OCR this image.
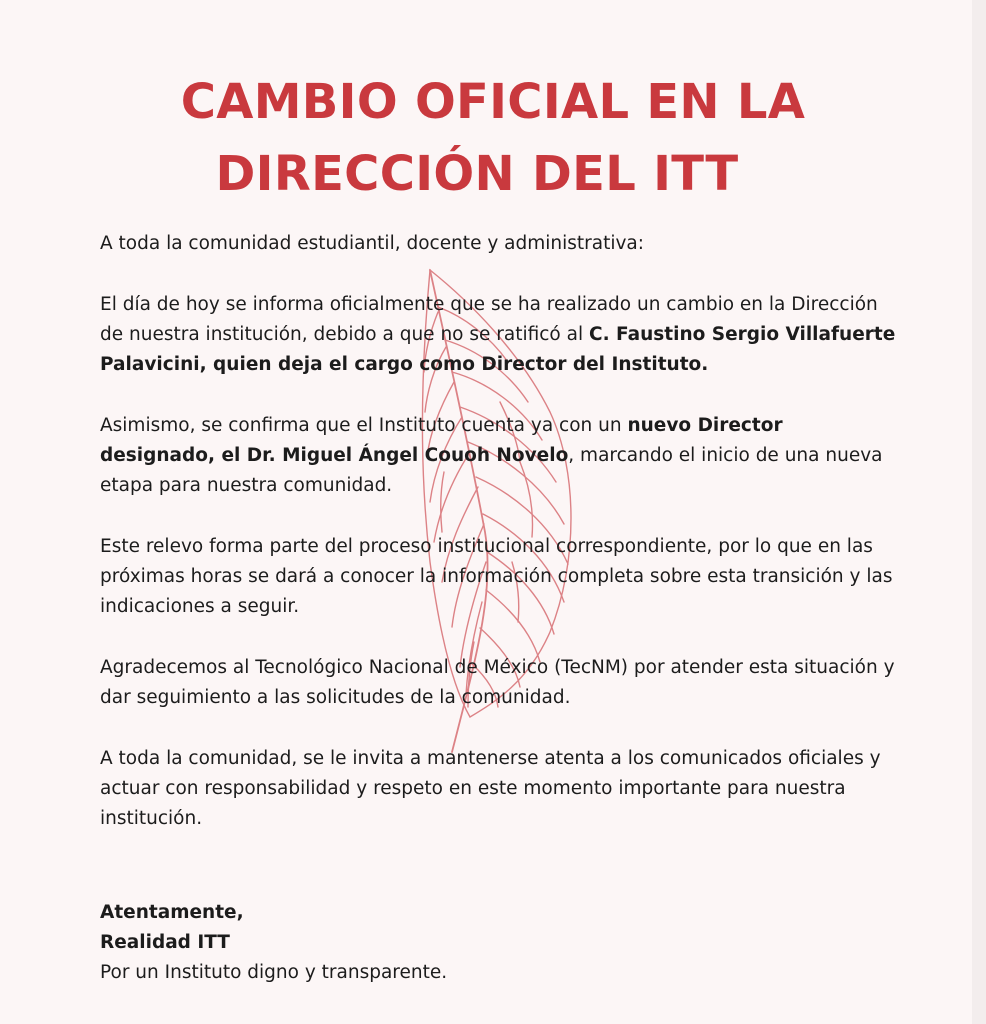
CAMBIO OFICIAL EN LA
DIRECCIÓN DEL ITT

A toda la comunidad estudiantil, docente y administrativa:

El día de hoy se informa oficialmente que se ha realizado un cambio en la Dirección de nuestra institución, debido a que no se ratificó al C. Faustino Sergio Villafuerte Palavicini, quien deja el cargo como Director del Instituto.

Asimismo, se confirma que el Instituto cuenta ya con un nuevo Director designado, el Dr. Miguel Ángel Couoh Novelo, marcando el inicio de una nueva etapa para nuestra comunidad.

Este relevo forma parte del proceso institucional correspondiente, por lo que en las próximas horas se dará a conocer la información completa sobre esta transición y las indicaciones a seguir.

Agradecemos al Tecnológico Nacional de México (TecNM) por atender esta situación y dar seguimiento a las solicitudes de la comunidad.

A toda la comunidad, se le invita a mantenerse atenta a los comunicados oficiales y actuar con responsabilidad y respeto en este momento importante para nuestra institución.

Atentamente,
Realidad ITT
Por un Instituto digno y transparente.
